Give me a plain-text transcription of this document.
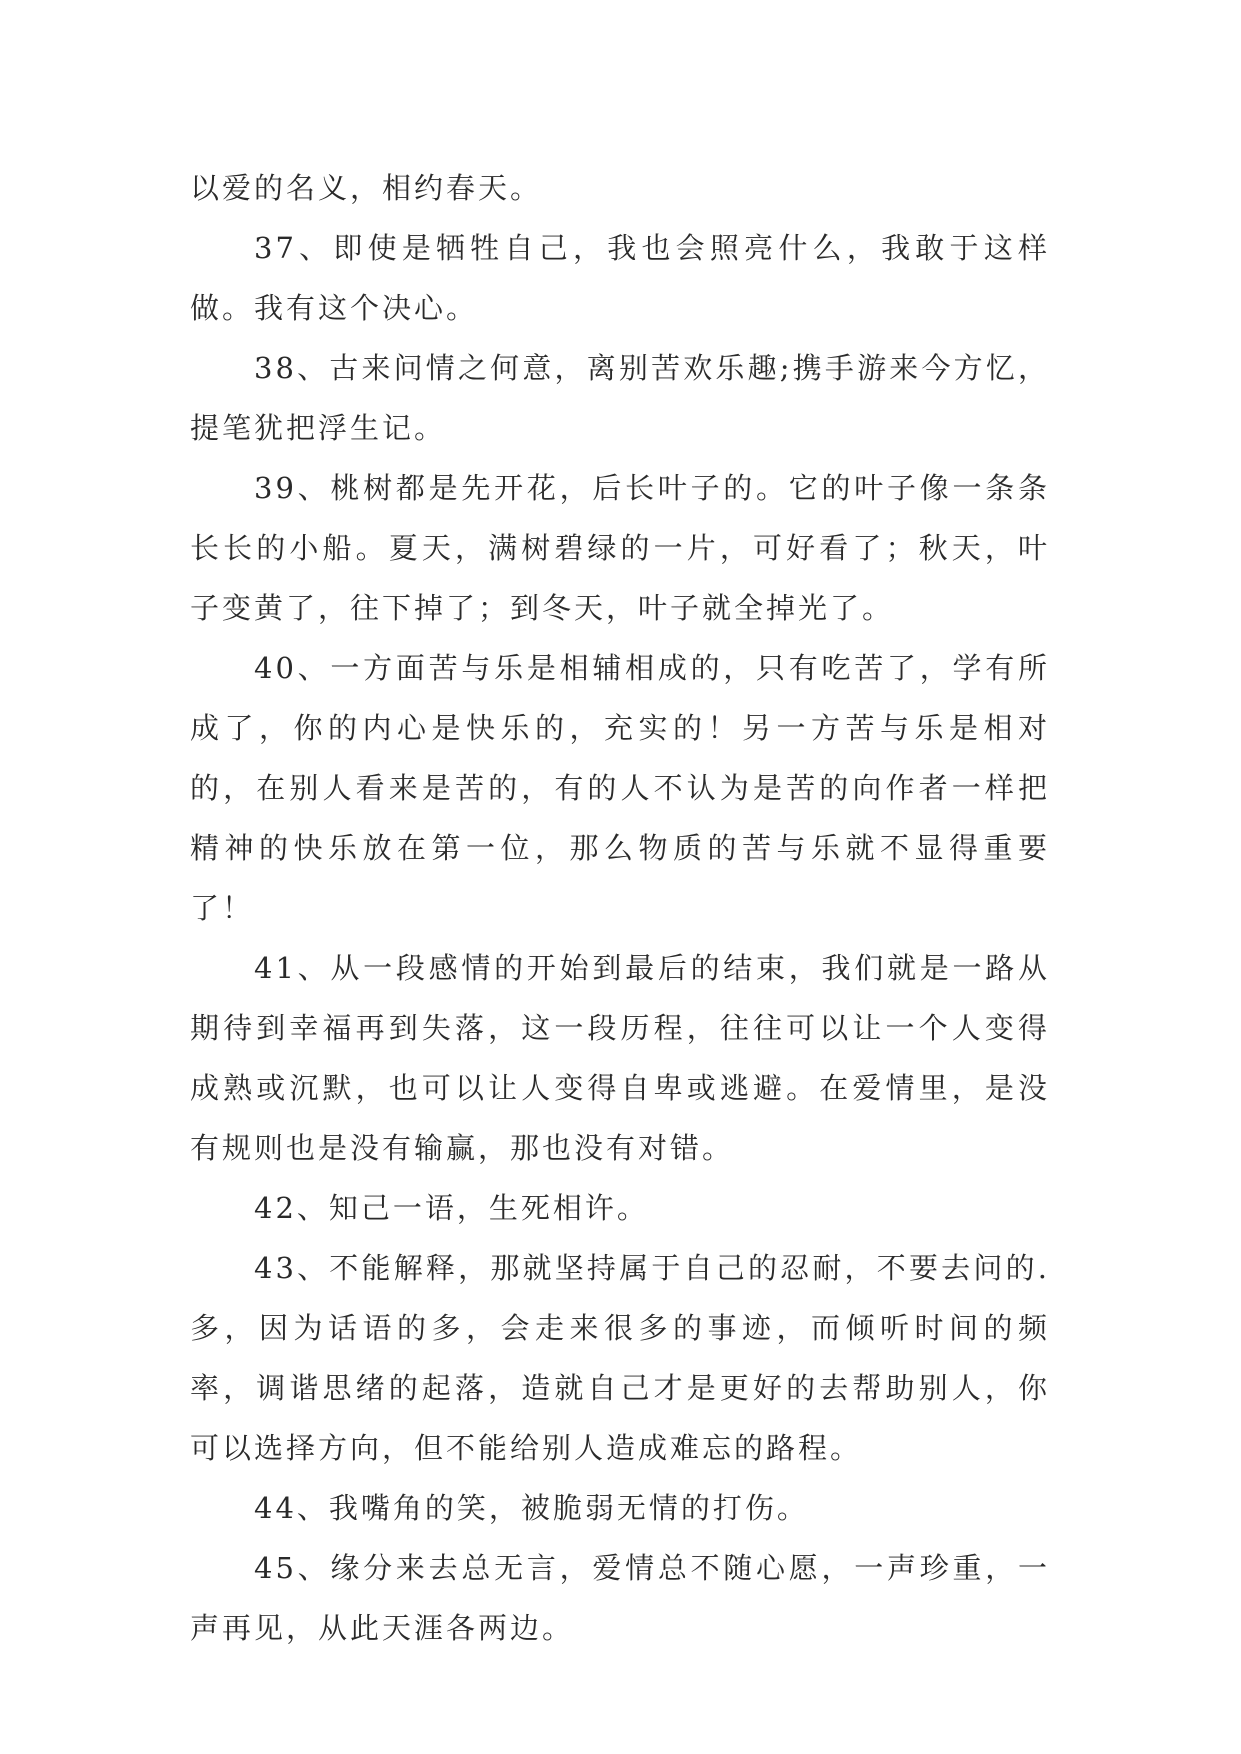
以爱的名义，相约春天。

37、即使是牺牲自己，我也会照亮什么，我敢于这样做。我有这个决心。

38、古来问情之何意，离别苦欢乐趣;携手游来今方忆，提笔犹把浮生记。

39、桃树都是先开花，后长叶子的。它的叶子像一条条长长的小船。夏天，满树碧绿的一片，可好看了；秋天，叶子变黄了，往下掉了；到冬天，叶子就全掉光了。

40、一方面苦与乐是相辅相成的，只有吃苦了，学有所成了，你的内心是快乐的，充实的！另一方苦与乐是相对的，在别人看来是苦的，有的人不认为是苦的向作者一样把精神的快乐放在第一位，那么物质的苦与乐就不显得重要了！

41、从一段感情的开始到最后的结束，我们就是一路从期待到幸福再到失落，这一段历程，往往可以让一个人变得成熟或沉默，也可以让人变得自卑或逃避。在爱情里，是没有规则也是没有输赢，那也没有对错。

42、知己一语，生死相许。

43、不能解释，那就坚持属于自己的忍耐，不要去问的.多，因为话语的多，会走来很多的事迹，而倾听时间的频率，调谐思绪的起落，造就自己才是更好的去帮助别人，你可以选择方向，但不能给别人造成难忘的路程。

44、我嘴角的笑，被脆弱无情的打伤。

45、缘分来去总无言，爱情总不随心愿，一声珍重，一声再见，从此天涯各两边。
